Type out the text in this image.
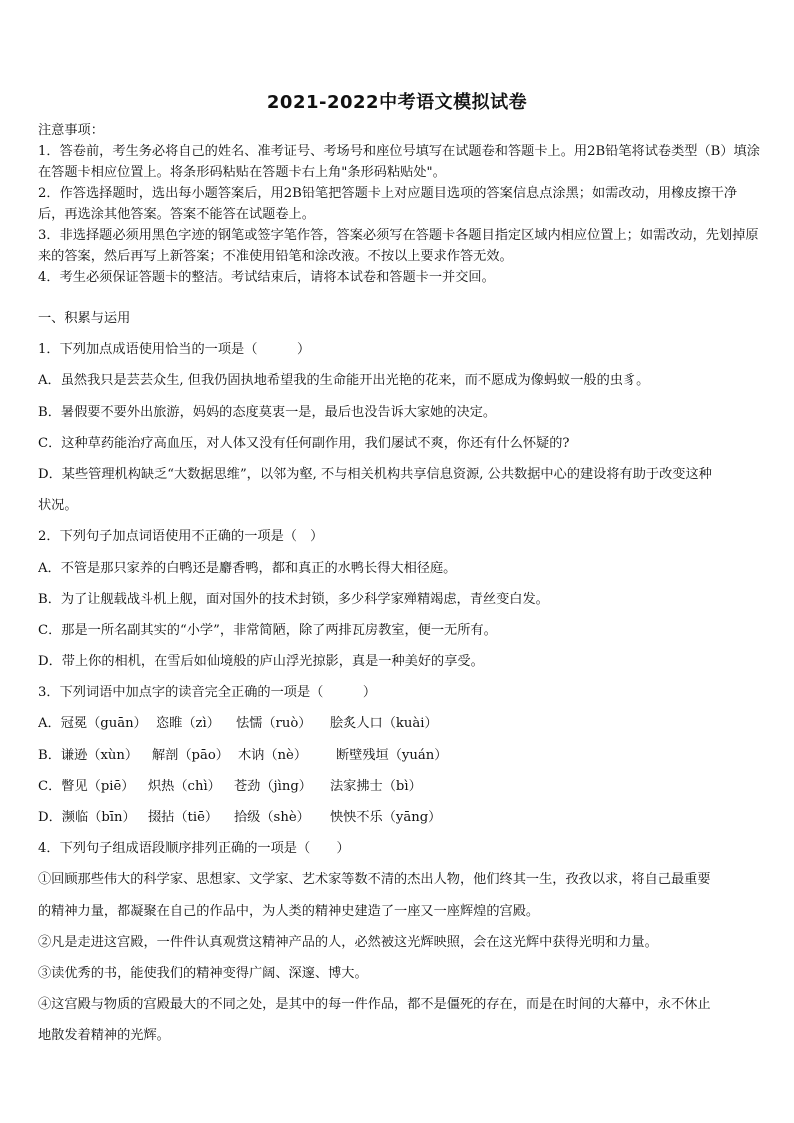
2021-2022中考语文模拟试卷

注意事项：

1．答卷前，考生务必将自己的姓名、准考证号、考场号和座位号填写在试题卷和答题卡上。用2B铅笔将试卷类型（B）填涂在答题卡相应位置上。将条形码粘贴在答题卡右上角"条形码粘贴处"。

2．作答选择题时，选出每小题答案后，用2B铅笔把答题卡上对应题目选项的答案信息点涂黑；如需改动，用橡皮擦干净后，再选涂其他答案。答案不能答在试题卷上。

3．非选择题必须用黑色字迹的钢笔或签字笔作答，答案必须写在答题卡各题目指定区域内相应位置上；如需改动，先划掉原来的答案，然后再写上新答案；不准使用铅笔和涂改液。不按以上要求作答无效。

4．考生必须保证答题卡的整洁。考试结束后，请将本试卷和答题卡一并交回。

一、积累与运用
1．下列加点成语使用恰当的一项是（　　　）
A．虽然我只是芸芸众生, 但我仍固执地希望我的生命能开出光艳的花来，而不愿成为像蚂蚁一般的虫豸。
B．暑假要不要外出旅游，妈妈的态度莫衷一是，最后也没告诉大家她的决定。
C．这种草药能治疗高血压，对人体又没有任何副作用，我们屡试不爽，你还有什么怀疑的?
D．某些管理机构缺乏“大数据思维”，以邻为壑, 不与相关机构共享信息资源, 公共数据中心的建设将有助于改变这种
状况。
2．下列句子加点词语使用不正确的一项是（　）
A．不管是那只家养的白鸭还是麝香鸭，都和真正的水鸭长得大相径庭。
B．为了让舰载战斗机上舰，面对国外的技术封锁，多少科学家殚精竭虑，青丝变白发。
C．那是一所名副其实的“小学”，非常简陋，除了两排瓦房教室，便一无所有。
D．带上你的相机，在雪后如仙境般的庐山浮光掠影，真是一种美好的享受。
3．下列词语中加点字的读音完全正确的一项是（　　　）
A．冠冕（guān） 恣睢（zì） 怯懦（ruò） 脍炙人口（kuài）
B．谦逊（xùn） 解剖（pāo） 木讷（nè） 断壁残垣（yuán）
C．瞥见（piē） 炽热（chì） 苍劲（jìng） 法家拂士（bì）
D．濒临（bīn） 掇拈（tiē） 拾级（shè） 怏怏不乐（yāng）
4．下列句子组成语段顺序排列正确的一项是（　　）
①回顾那些伟大的科学家、思想家、文学家、艺术家等数不清的杰出人物，他们终其一生，孜孜以求，将自己最重要
的精神力量，都凝聚在自己的作品中，为人类的精神史建造了一座又一座辉煌的宫殿。
②凡是走进这宫殿，一件件认真观赏这精神产品的人，必然被这光辉映照，会在这光辉中获得光明和力量。
③读优秀的书，能使我们的精神变得广阔、深邃、博大。
④这宫殿与物质的宫殿最大的不同之处，是其中的每一件作品，都不是僵死的存在，而是在时间的大幕中，永不休止
地散发着精神的光辉。
